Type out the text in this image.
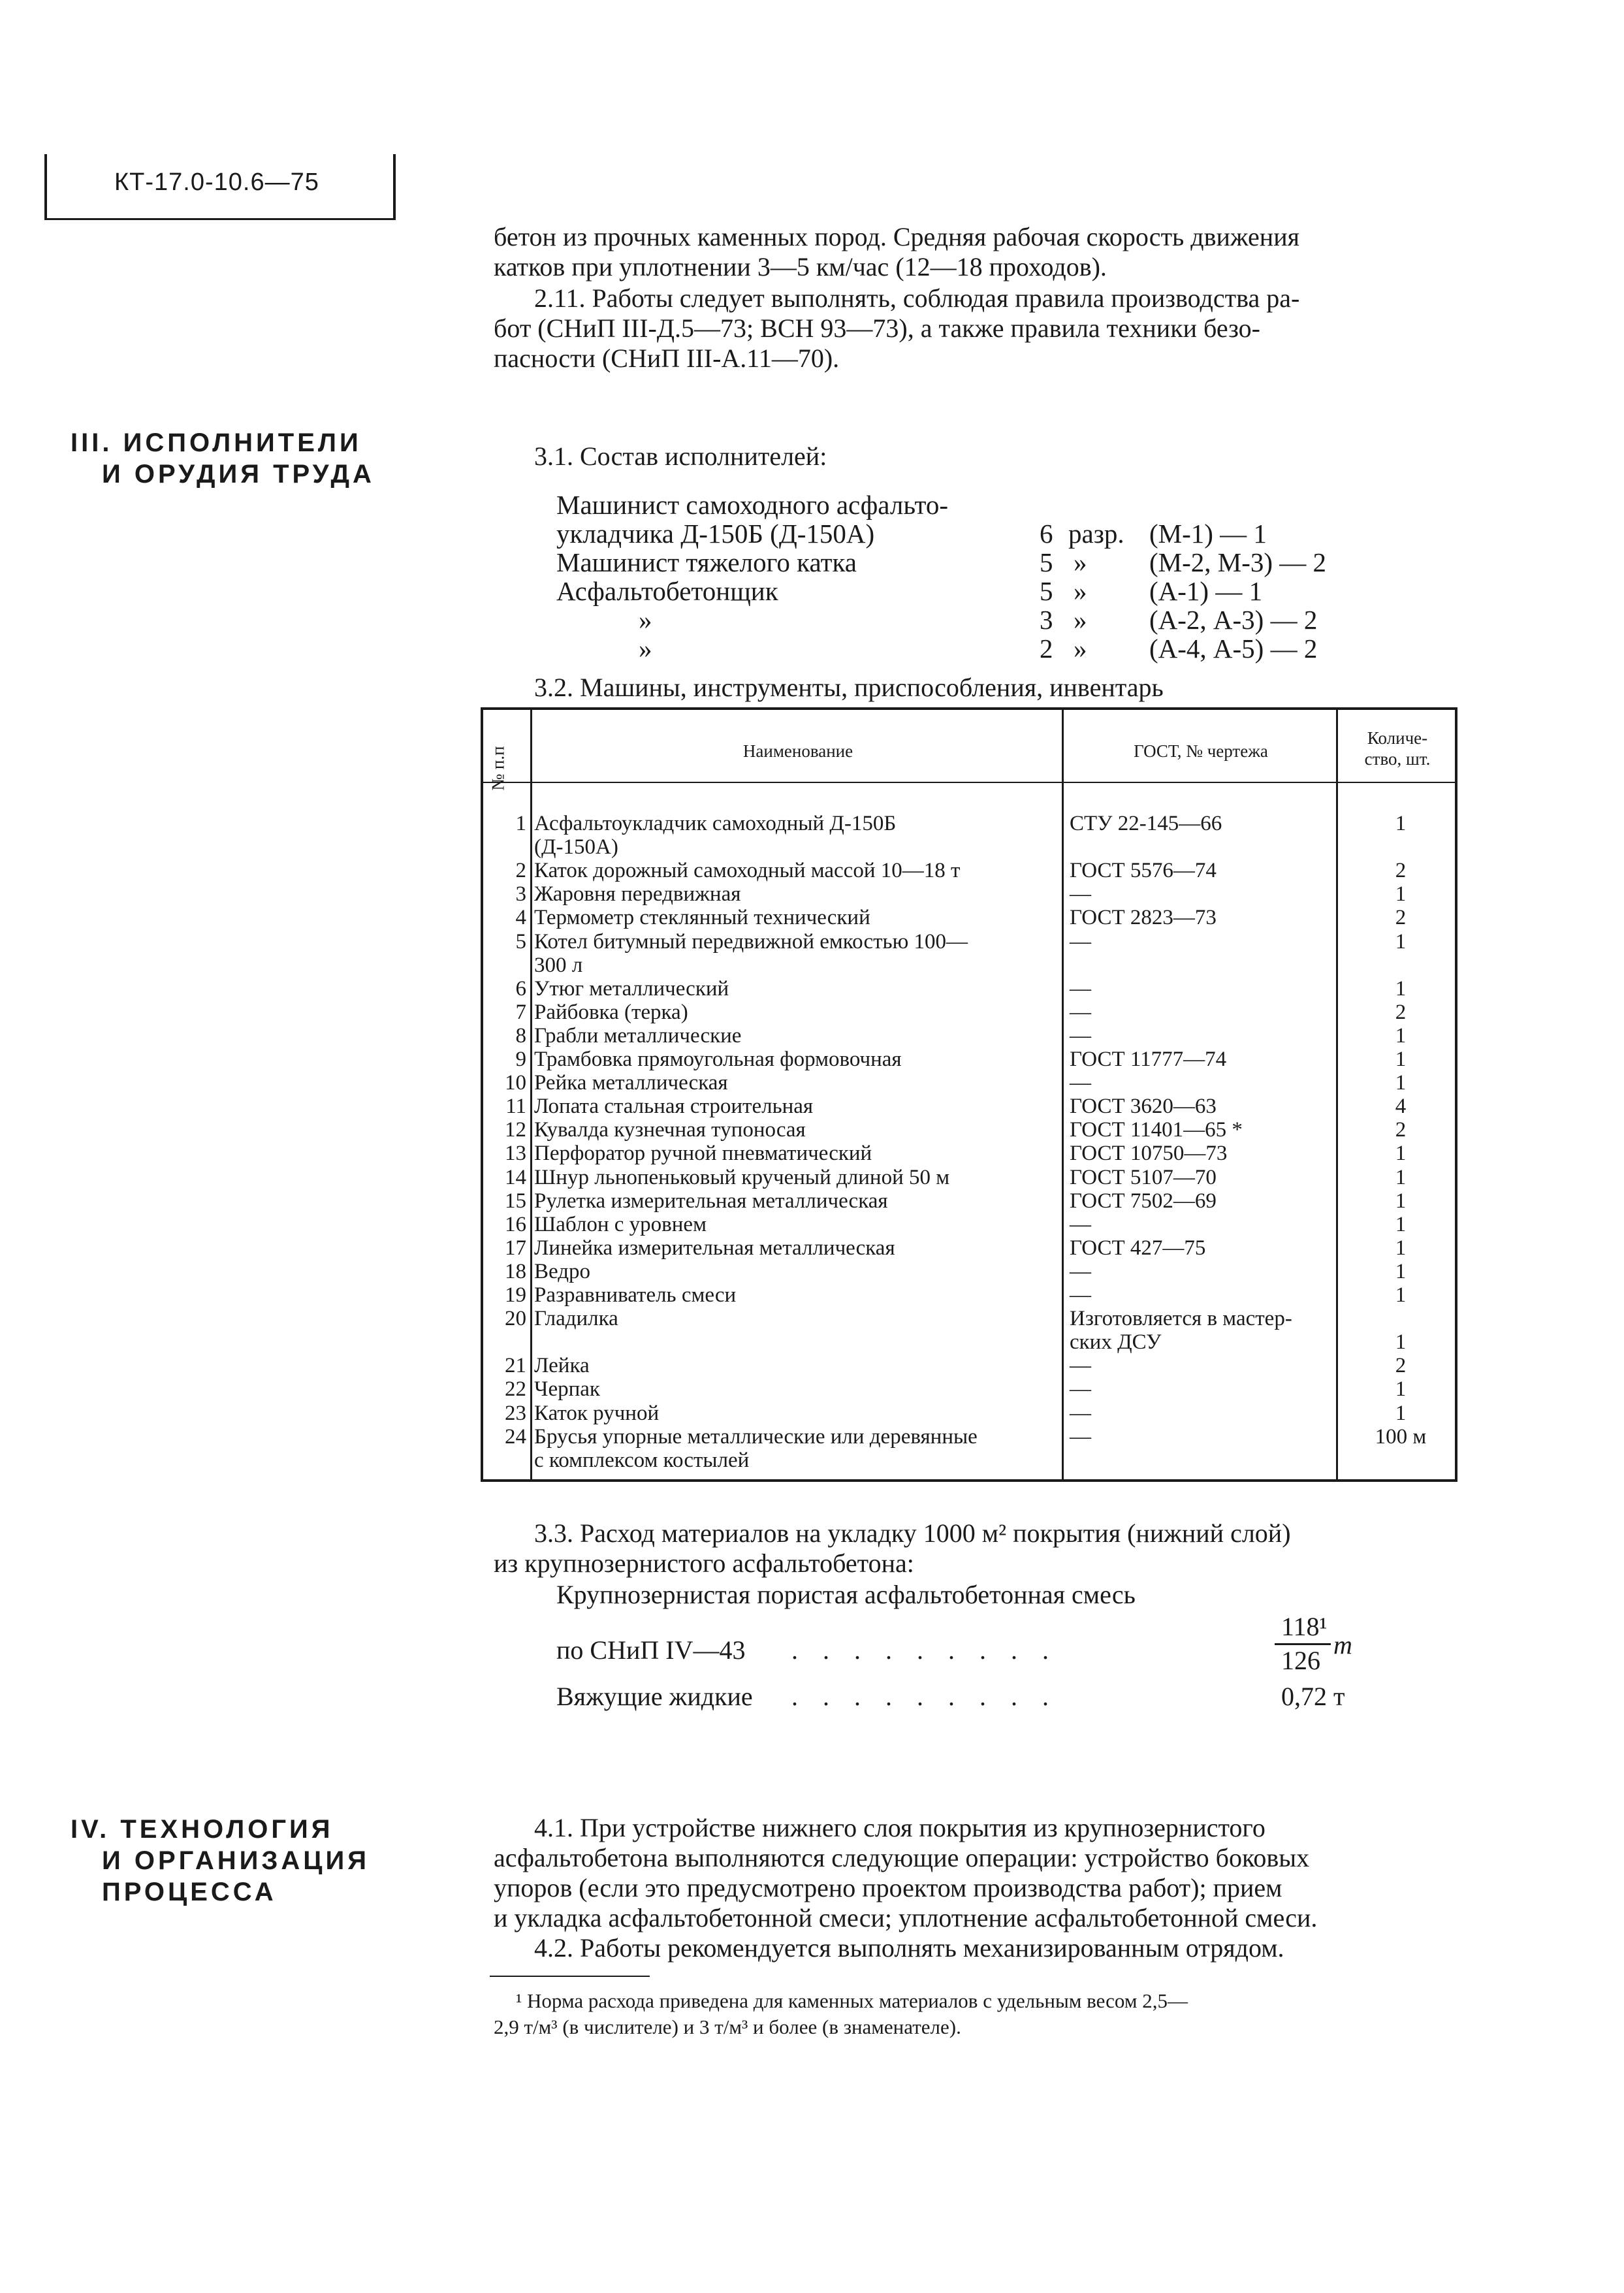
КТ-17.0-10.6—75
бетон из прочных каменных пород. Средняя рабочая скорость движения
катков при уплотнении 3—5 км/час (12—18 проходов).
2.11. Работы следует выполнять, соблюдая правила производства ра-
бот (СНиП III-Д.5—73; ВСН 93—73), а также правила техники безо-
пасности (СНиП III-А.11—70).
III. ИСПОЛНИТЕЛИ
И ОРУДИЯ ТРУДА
3.1. Состав исполнителей:
Машинист самоходного асфальто-
укладчика Д-150Б (Д-150А)	6 разр. (М-1) — 1
Машинист тяжелого катка	5 » (М-2, М-3) — 2
Асфальтобетонщик	5 » (А-1) — 1
»	3 » (А-2, А-3) — 2
»	2 » (А-4, А-5) — 2
3.2. Машины, инструменты, приспособления, инвентарь
№ п.п	Наименование	ГОСТ, № чертежа
Количе-
ство, шт.
1 Асфальтоукладчик самоходный Д-150Б	СТУ 22-145—66	1
(Д-150А)
2 Каток дорожный самоходный массой 10—18 т	ГОСТ 5576—74	2
3 Жаровня передвижная	—	1
4 Термометр стеклянный технический	ГОСТ 2823—73	2
5 Котел битумный передвижной емкостью 100—	—	1
300 л
6 Утюг металлический	—	1
7 Райбовка (терка)	—	2
8 Грабли металлические	—	1
9 Трамбовка прямоугольная формовочная	ГОСТ 11777—74	1
10 Рейка металлическая	—	1
11 Лопата стальная строительная	ГОСТ 3620—63	4
12 Кувалда кузнечная тупоносая	ГОСТ 11401—65 *	2
13 Перфоратор ручной пневматический	ГОСТ 10750—73	1
14 Шнур льнопеньковый крученый длиной 50 м	ГОСТ 5107—70	1
15 Рулетка измерительная металлическая	ГОСТ 7502—69	1
16 Шаблон с уровнем	—	1
17 Линейка измерительная металлическая	ГОСТ 427—75	1
18 Ведро	—	1
19 Разравниватель смеси	—	1
20 Гладилка	Изготовляется в мастер-
ских ДСУ	1
21 Лейка	—	2
22 Черпак	—	1
23 Каток ручной	—	1
24 Брусья упорные металлические или деревянные	—	100 м
с комплексом костылей
3.3. Расход материалов на укладку 1000 м² покрытия (нижний слой)
из крупнозернистого асфальтобетона:
Крупнозернистая пористая асфальтобетонная смесь
по СНиП IV—43 . . . . . . . . .
118¹
126
т
Вяжущие жидкие . . . . . . . . .	0,72 т
IV. ТЕХНОЛОГИЯ
И ОРГАНИЗАЦИЯ
ПРОЦЕССА
4.1. При устройстве нижнего слоя покрытия из крупнозернистого
асфальтобетона выполняются следующие операции: устройство боковых
упоров (если это предусмотрено проектом производства работ); прием
и укладка асфальтобетонной смеси; уплотнение асфальтобетонной смеси.
4.2. Работы рекомендуется выполнять механизированным отрядом.
¹ Норма расхода приведена для каменных материалов с удельным весом 2,5—
2,9 т/м³ (в числителе) и 3 т/м³ и более (в знаменателе).
